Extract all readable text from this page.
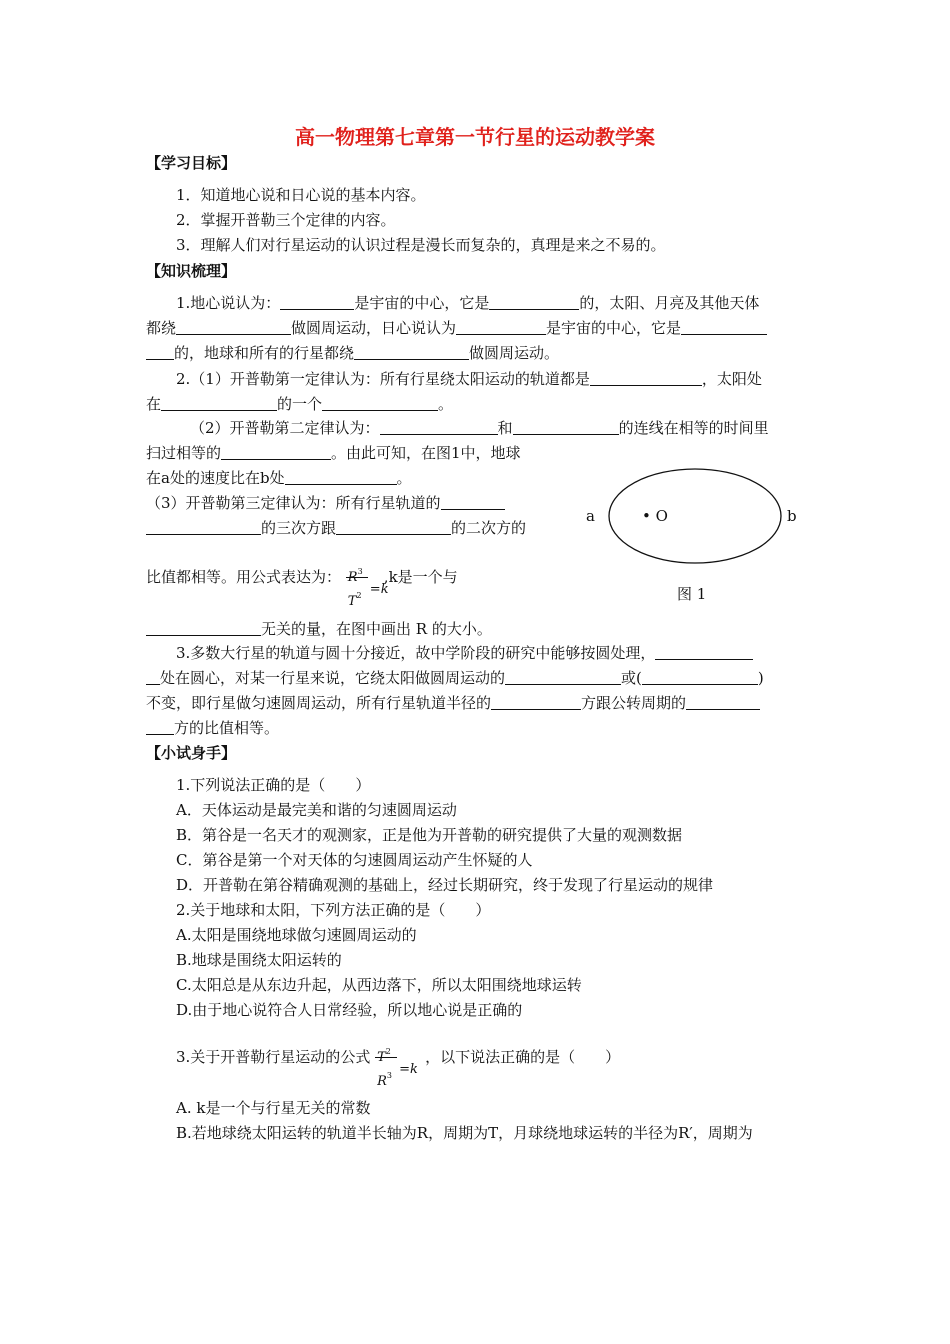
高一物理第七章第一节行星的运动教学案
【学习目标】
1．知道地心说和日心说的基本内容。
2．掌握开普勒三个定律的内容。
3．理解人们对行星运动的认识过程是漫长而复杂的，真理是来之不易的。
【知识梳理】
1.地心说认为：	是宇宙的中心，它是	的，太阳、月亮及其他天体
都绕	做圆周运动，日心说认为	是宇宙的中心，它是
的，地球和所有的行星都绕	做圆周运动。
2.（1）开普勒第一定律认为：所有行星绕太阳运动的轨道都是	，太阳处
在	的一个	。
（2）开普勒第二定律认为：	和	的连线在相等的时间里
扫过相等的	。由此可知，在图1中，地球
在a处的速度比在b处	。
（3）开普勒第三定律认为：所有行星轨道的
的三次方跟	的二次方的
比值都相等。用公式表达为：	$^3$
$T^2 =k$
,k是一个与
无关的量，在图中画出 R 的大小。
a	b
• O
图 1
3.多数大行星的轨道与圆十分接近，故中学阶段的研究中能够按圆处理，
处在圆心，对某一行星来说，它绕太阳做圆周运动的	或(	)
不变，即行星做匀速圆周运动，所有行星轨道半径的	方跟公转周期的
方的比值相等。
【小试身手】
1.下列说法正确的是（　　）
A．天体运动是最完美和谐的匀速圆周运动
B．第谷是一名天才的观测家，正是他为开普勒的研究提供了大量的观测数据
C．第谷是第一个对天体的匀速圆周运动产生怀疑的人
D．开普勒在第谷精确观测的基础上，经过长期研究，终于发现了行星运动的规律
2.关于地球和太阳，下列方法正确的是（　　）
A.太阳是围绕地球做匀速圆周运动的
B.地球是围绕太阳运转的
C.太阳总是从东边升起，从西边落下，所以太阳围绕地球运转
D.由于地心说符合人日常经验，所以地心说是正确的
3.关于开普勒行星运动的公式	$^2$
$R^3 =k$
，以下说法正确的是（　　）
A. k是一个与行星无关的常数
B.若地球绕太阳运转的轨道半长轴为R，周期为T，月球绕地球运转的半径为R′，周期为
